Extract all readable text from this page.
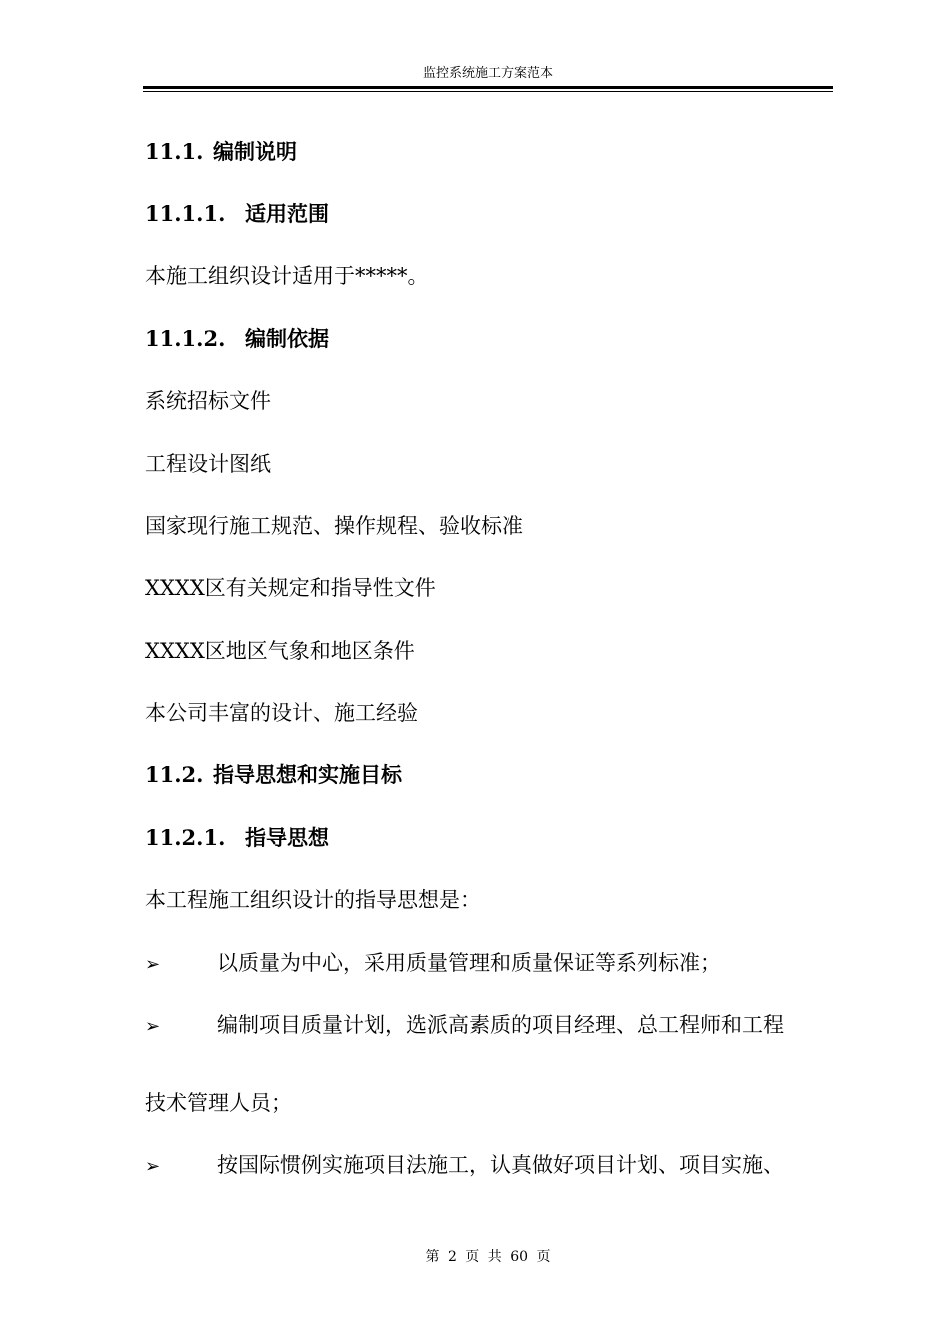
监控系统施工方案范本
11.1. 编制说明
11.1.1. 适用范围
本施工组织设计适用于*****。
11.1.2. 编制依据
系统招标文件
工程设计图纸
国家现行施工规范、操作规程、验收标准
XXXX区有关规定和指导性文件
XXXX区地区气象和地区条件
本公司丰富的设计、施工经验
11.2. 指导思想和实施目标
11.2.1. 指导思想
本工程施工组织设计的指导思想是：
➢	以质量为中心，采用质量管理和质量保证等系列标准；
➢	编制项目质量计划，选派高素质的项目经理、总工程师和工程
技术管理人员；
➢	按国际惯例实施项目法施工，认真做好项目计划、项目实施、
第 2 页 共 60 页
